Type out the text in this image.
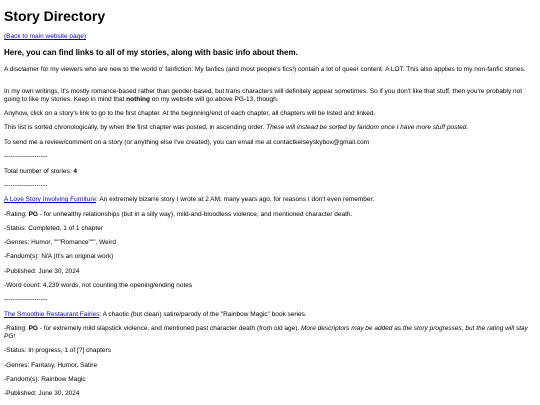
Story Directory

(Back to main website page)

Here, you can find links to all of my stories, along with basic info about them.

A disclaimer for my viewers who are new to the world o' fanfiction: My fanfics (and most people's fics!) contain a lot of queer content. A LOT. This also applies to my non-fanfic stories.

In my own writings, it's mostly romance-based rather than gender-based, but trans characters will definitely appear sometimes. So if you don't like that stuff, then you're probably not going to like my stories. Keep in mind that nothing on my website will go above PG-13, though.

Anyhow, click on a story's link to go to the first chapter. At the beginning/end of each chapter, all chapters will be listed and linked.

This list is sorted chronologically, by when the first chapter was posted, in ascending order. These will instead be sorted by fandom once I have more stuff posted.

To send me a review/comment on a story (or anything else I've created), you can email me at contactkelseyskybox@gmail.com

--------------------

Total number of stories: 4

--------------------

A Love Story Involving Furniture: An extremely bizarre story I wrote at 2 AM, many years ago, for reasons I don't even remember.

-Rating: PG - for unhealthy relationships (but in a silly way), mild-and-bloodless violence, and mentioned character death.

-Status: Completed, 1 of 1 chapter

-Genres: Humor, """Romance""", Weird

-Fandom(s): N/A (It's an original work)

-Published: June 30, 2024

-Word count: 4,239 words, not counting the opening/ending notes

--------------------

The Smoothie Restaurant Fairies: A chaotic (but clean) satire/parody of the "Rainbow Magic" book series.

-Rating: PG - for extremely mild slapstick violence, and mentioned past character death (from old age). More descriptors may be added as the story progresses, but the rating will stay PG!

-Status: In progress, 1 of [?] chapters

-Genres: Fantasy, Humor, Satire

-Fandom(s): Rainbow Magic

-Published: June 30, 2024
